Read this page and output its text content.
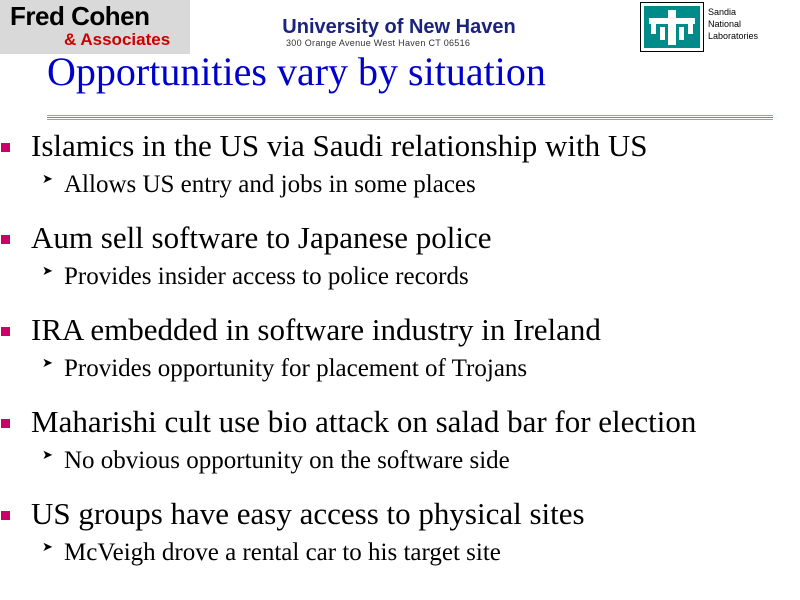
Fred Cohen
& Associates
University of New Haven
300 Orange Avenue West Haven CT 06516
Sandia
National
Laboratories
Opportunities vary by situation
Islamics in the US via Saudi relationship with US
➤ Allows US entry and jobs in some places
Aum sell software to Japanese police
➤ Provides insider access to police records
IRA embedded in software industry in Ireland
➤ Provides opportunity for placement of Trojans
Maharishi cult use bio attack on salad bar for election
➤ No obvious opportunity on the software side
US groups have easy access to physical sites
➤ McVeigh drove a rental car to his target site
